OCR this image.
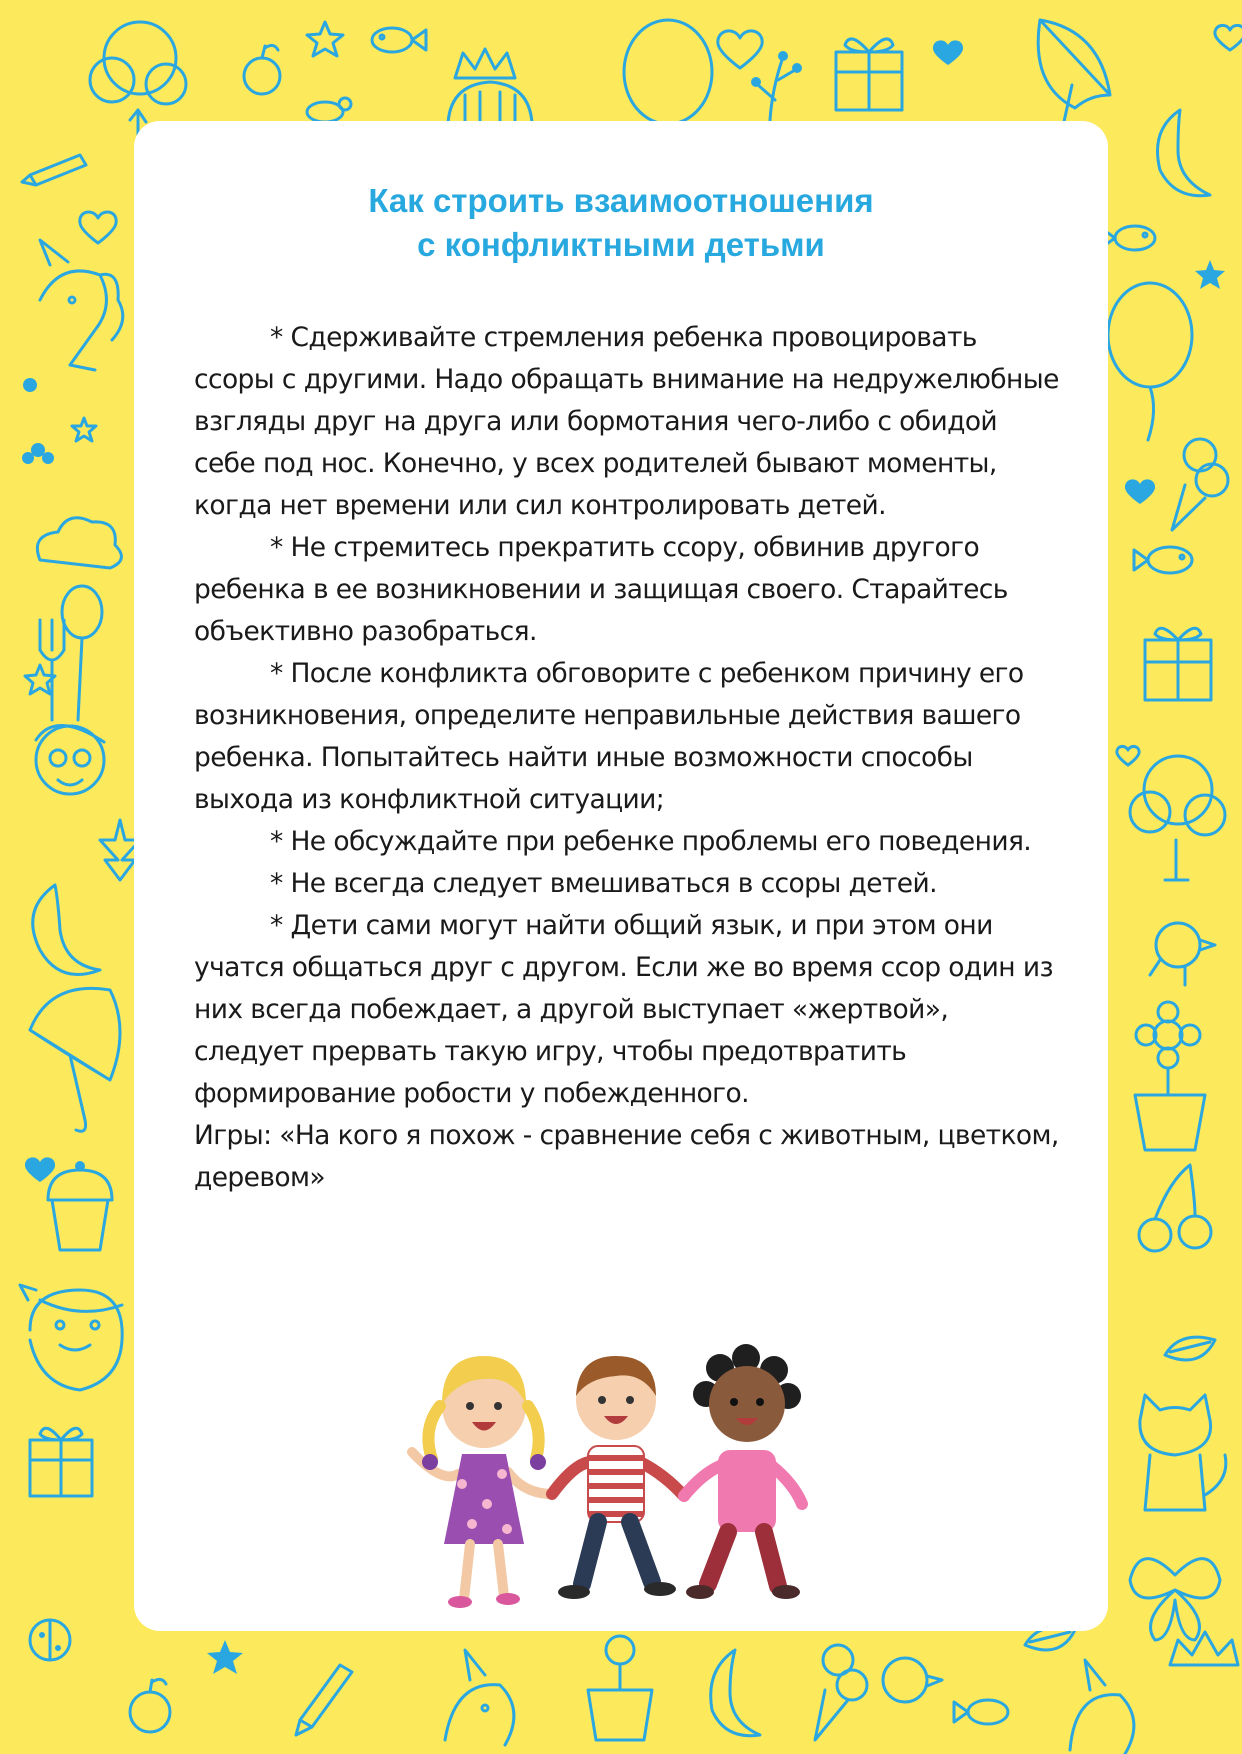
Как строить взаимоотношения
с конфликтными детьми

* Сдерживайте стремления ребенка провоцировать ссоры с другими. Надо обращать внимание на недружелюбные взгляды друг на друга или бормотания чего-либо с обидой себе под нос. Конечно, у всех родителей бывают моменты, когда нет времени или сил контролировать детей.

* Не стремитесь прекратить ссору, обвинив другого ребенка в ее возникновении и защищая своего. Старайтесь объективно разобраться.

* После конфликта обговорите с ребенком причину его возникновения, определите неправильные действия вашего ребенка. Попытайтесь найти иные возможности способы выхода из конфликтной ситуации;

* Не обсуждайте при ребенке проблемы его поведения.

* Не всегда следует вмешиваться в ссоры детей.

* Дети сами могут найти общий язык, и при этом они учатся общаться друг с другом. Если же во время ссор один из них всегда побеждает, а другой выступает «жертвой», следует прервать такую игру, чтобы предотвратить формирование робости у побежденного.

Игры: «На кого я похож - сравнение себя с животным, цветком, деревом»
